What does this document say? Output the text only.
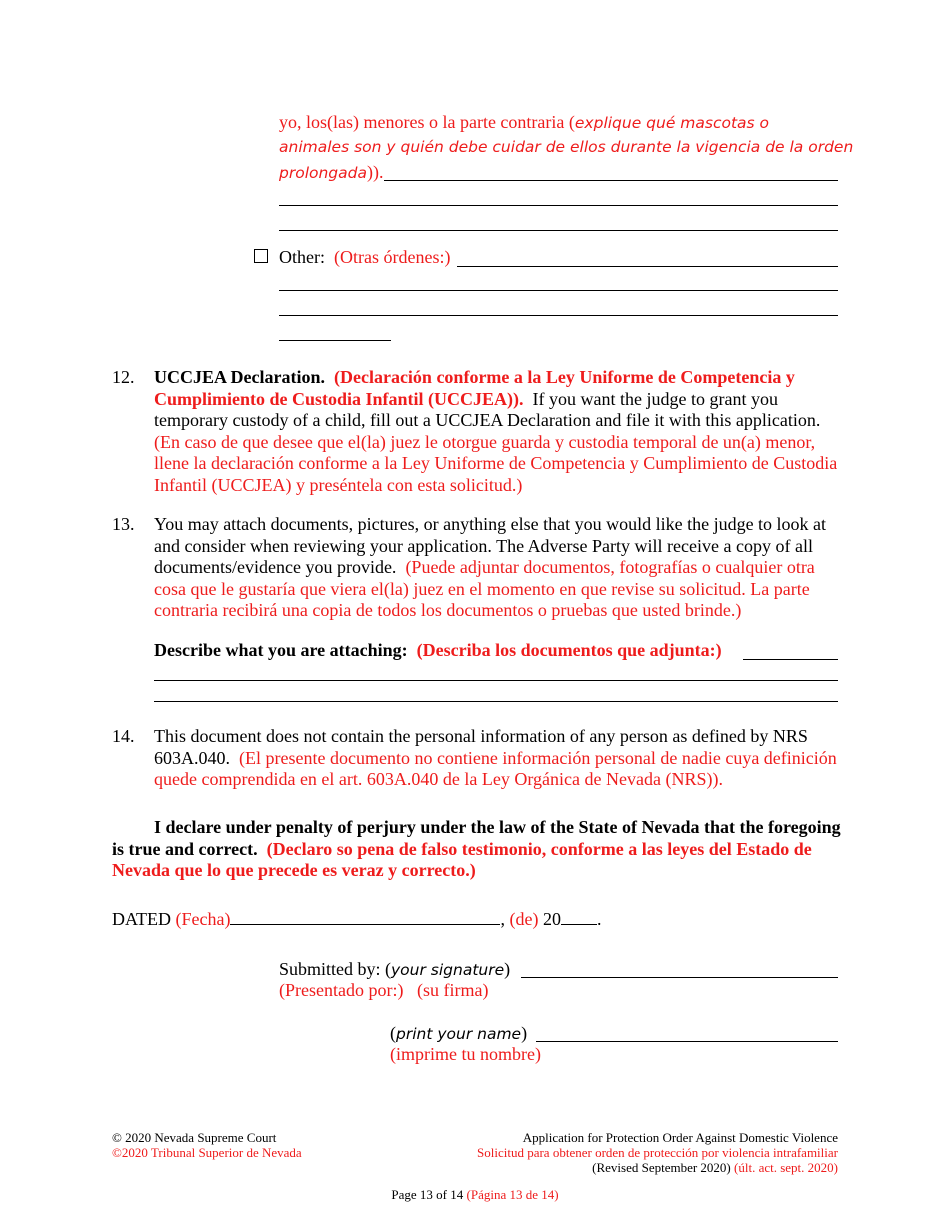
yo, los(las) menores o la parte contraria (explique qué mascotas o
animales son y quién debe cuidar de ellos durante la vigencia de la orden
prolongada)).
Other: (Otras órdenes:)
12. UCCJEA Declaration. (Declaración conforme a la Ley Uniforme de Competencia y Cumplimiento de Custodia Infantil (UCCJEA)). If you want the judge to grant you temporary custody of a child, fill out a UCCJEA Declaration and file it with this application.  (En caso de que desee que el(la) juez le otorgue guarda y custodia temporal de un(a) menor, llene la declaración conforme a la Ley Uniforme de Competencia y Cumplimiento de Custodia Infantil (UCCJEA) y preséntela con esta solicitud.)
13. You may attach documents, pictures, or anything else that you would like the judge to look at and consider when reviewing your application. The Adverse Party will receive a copy of all documents/evidence you provide. (Puede adjuntar documentos, fotografías o cualquier otra cosa que le gustaría que viera el(la) juez en el momento en que revise su solicitud. La parte contraria recibirá una copia de todos los documentos o pruebas que usted brinde.)
Describe what you are attaching: (Describa los documentos que adjunta:)
14. This document does not contain the personal information of any person as defined by NRS 603A.040. (El presente documento no contiene información personal de nadie cuya definición quede comprendida en el art. 603A.040 de la Ley Orgánica de Nevada (NRS)).
I declare under penalty of perjury under the law of the State of Nevada that the foregoing is true and correct. (Declaro so pena de falso testimonio, conforme a las leyes del Estado de Nevada que lo que precede es veraz y correcto.)
DATED (Fecha)	, (de) 20 .
Submitted by: (your signature)
(Presentado por:) (su firma)
(print your name)
(imprime tu nombre)
© 2020 Nevada Supreme Court
©2020 Tribunal Superior de Nevada
Application for Protection Order Against Domestic Violence
Solicitud para obtener orden de protección por violencia intrafamiliar
(Revised September 2020) (últ. act. sept. 2020)
Page 13 of 14 (Página 13 de 14)
